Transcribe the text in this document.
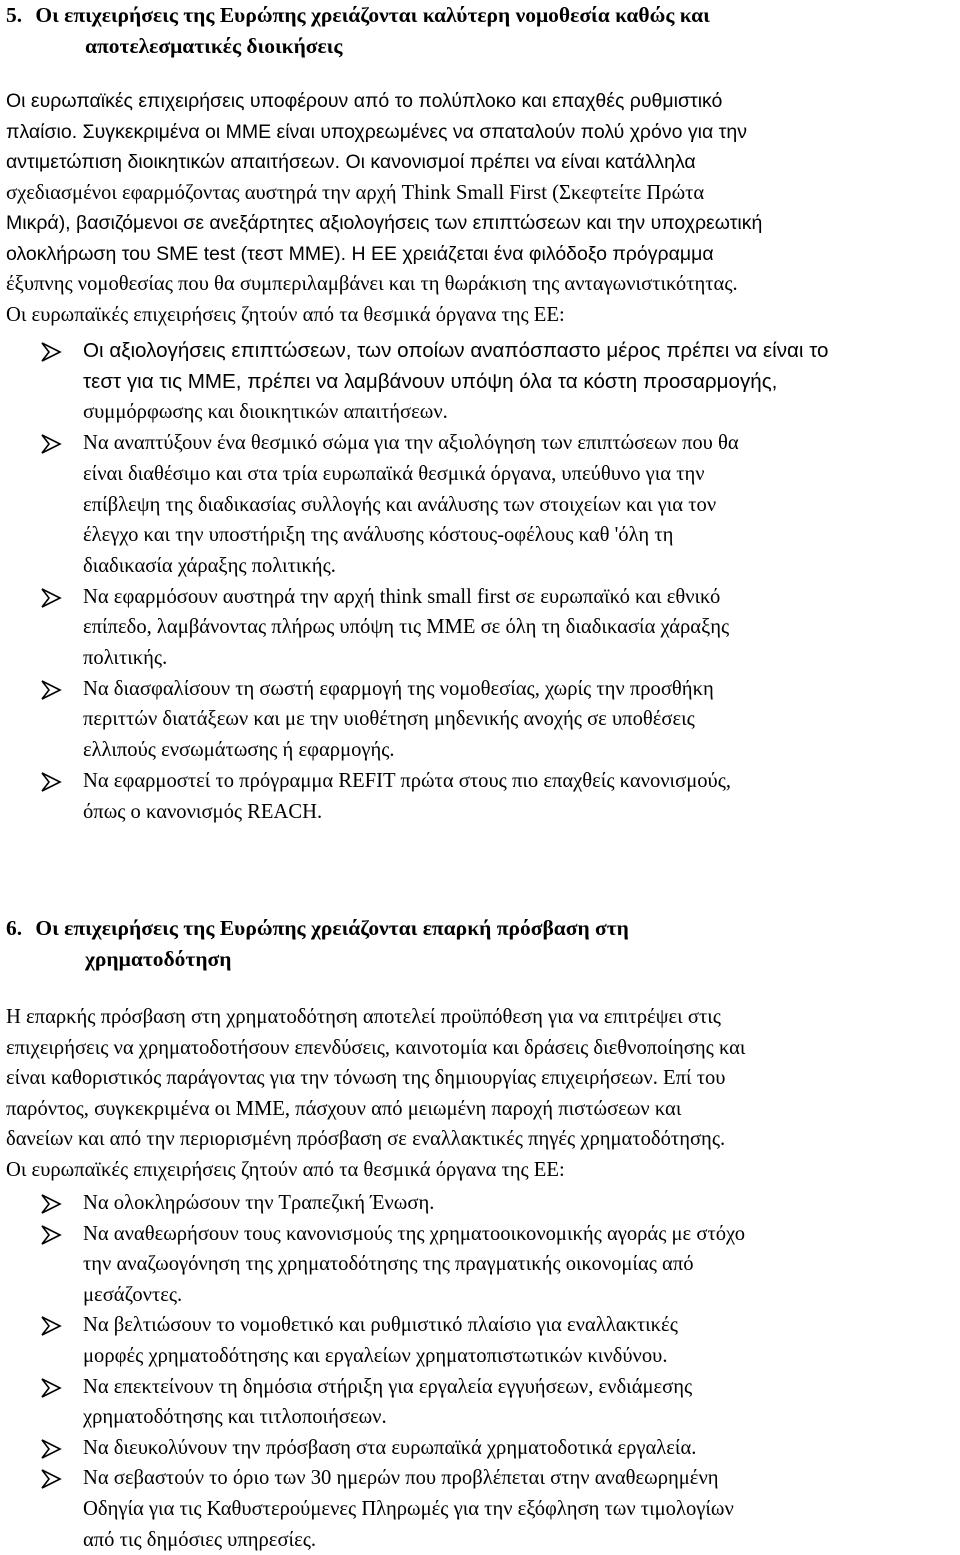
5. Οι επιχειρήσεις της Ευρώπης χρειάζονται καλύτερη νομοθεσία καθώς και
αποτελεσματικές διοικήσεις

Οι ευρωπαϊκές επιχειρήσεις υποφέρουν από το πολύπλοκο και επαχθές ρυθμιστικό

πλαίσιο. Συγκεκριμένα οι ΜΜΕ είναι υποχρεωμένες να σπαταλούν πολύ χρόνο για την

αντιμετώπιση διοικητικών απαιτήσεων. Οι κανονισμοί πρέπει να είναι κατάλληλα

σχεδιασμένοι εφαρμόζοντας αυστηρά την αρχή Think Small First (Σκεφτείτε Πρώτα

Μικρά), βασιζόμενοι σε ανεξάρτητες αξιολογήσεις των επιπτώσεων και την υποχρεωτική

ολοκλήρωση του SME test (τεστ ΜΜΕ). Η ΕΕ χρειάζεται ένα φιλόδοξο πρόγραμμα

έξυπνης νομοθεσίας που θα συμπεριλαμβάνει και τη θωράκιση της ανταγωνιστικότητας.

Οι ευρωπαϊκές επιχειρήσεις ζητούν από τα θεσμικά όργανα της ΕΕ:

Οι αξιολογήσεις επιπτώσεων, των οποίων αναπόσπαστο μέρος πρέπει να είναι το

τεστ για τις ΜΜΕ, πρέπει να λαμβάνουν υπόψη όλα τα κόστη προσαρμογής,

συμμόρφωσης και διοικητικών απαιτήσεων.

Να αναπτύξουν ένα θεσμικό σώμα για την αξιολόγηση των επιπτώσεων που θα

είναι διαθέσιμο και στα τρία ευρωπαϊκά θεσμικά όργανα, υπεύθυνο για την

επίβλεψη της διαδικασίας συλλογής και ανάλυσης των στοιχείων και για τον

έλεγχο και την υποστήριξη της ανάλυσης κόστους-οφέλους καθ 'όλη τη

διαδικασία χάραξης πολιτικής.

Να εφαρμόσουν αυστηρά την αρχή think small first σε ευρωπαϊκό και εθνικό

επίπεδο, λαμβάνοντας πλήρως υπόψη τις ΜΜΕ σε όλη τη διαδικασία χάραξης

πολιτικής.

Να διασφαλίσουν τη σωστή εφαρμογή της νομοθεσίας, χωρίς την προσθήκη

περιττών διατάξεων και με την υιοθέτηση μηδενικής ανοχής σε υποθέσεις

ελλιπούς ενσωμάτωσης ή εφαρμογής.

Να εφαρμοστεί το πρόγραμμα REFIT πρώτα στους πιο επαχθείς κανονισμούς,

όπως ο κανονισμός REACH.

6. Οι επιχειρήσεις της Ευρώπης χρειάζονται επαρκή πρόσβαση στη
χρηματοδότηση

Η επαρκής πρόσβαση στη χρηματοδότηση αποτελεί προϋπόθεση για να επιτρέψει στις

επιχειρήσεις να χρηματοδοτήσουν επενδύσεις, καινοτομία και δράσεις διεθνοποίησης και

είναι καθοριστικός παράγοντας για την τόνωση της δημιουργίας επιχειρήσεων. Επί του

παρόντος, συγκεκριμένα οι ΜΜΕ, πάσχουν από μειωμένη παροχή πιστώσεων και

δανείων και από την περιορισμένη πρόσβαση σε εναλλακτικές πηγές χρηματοδότησης.

Οι ευρωπαϊκές επιχειρήσεις ζητούν από τα θεσμικά όργανα της ΕΕ:

Να ολοκληρώσουν την Τραπεζική Ένωση.

Να αναθεωρήσουν τους κανονισμούς της χρηματοοικονομικής αγοράς με στόχο

την αναζωογόνηση της χρηματοδότησης της πραγματικής οικονομίας από

μεσάζοντες.

Να βελτιώσουν το νομοθετικό και ρυθμιστικό πλαίσιο για εναλλακτικές

μορφές χρηματοδότησης και εργαλείων χρηματοπιστωτικών κινδύνου.

Να επεκτείνουν τη δημόσια στήριξη για εργαλεία εγγυήσεων, ενδιάμεσης

χρηματοδότησης και τιτλοποιήσεων.

Να διευκολύνουν την πρόσβαση στα ευρωπαϊκά χρηματοδοτικά εργαλεία.

Να σεβαστούν το όριο των 30 ημερών που προβλέπεται στην αναθεωρημένη

Οδηγία για τις Καθυστερούμενες Πληρωμές για την εξόφληση των τιμολογίων

από τις δημόσιες υπηρεσίες.
